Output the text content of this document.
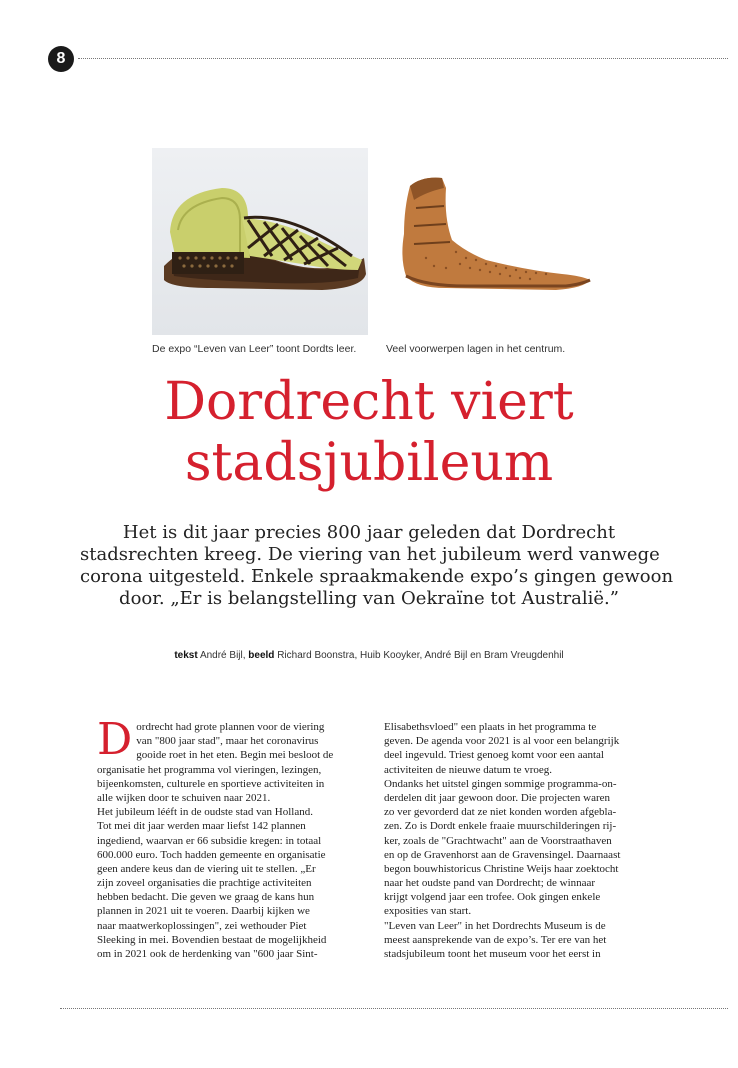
8
De expo “Leven van Leer” toont Dordts leer.	Veel voorwerpen lagen in het centrum.
Dordrecht viert
stadsjubileum
Het is dit jaar precies 800 jaar geleden dat Dordrecht
stadsrechten kreeg. De viering van het jubileum werd vanwege
corona uitgesteld. Enkele spraakmakende expo’s gingen gewoon
door. „Er is belangstelling van Oekraïne tot Australië.”
tekst André Bijl, beeld Richard Boonstra, Huib Kooyker, André Bijl en Bram Vreugdenhil
D ordrecht had grote plannen voor de viering
van "800 jaar stad", maar het coronavirus
gooide roet in het eten. Begin mei besloot de
organisatie het programma vol vieringen, lezingen,
bijeenkomsten, culturele en sportieve activiteiten in
alle wijken door te schuiven naar 2021.
Het jubileum lééft in de oudste stad van Holland.
Tot mei dit jaar werden maar liefst 142 plannen
ingediend, waarvan er 66 subsidie kregen: in totaal
600.000 euro. Toch hadden gemeente en organisatie
geen andere keus dan de viering uit te stellen. „Er
zijn zoveel organisaties die prachtige activiteiten
hebben bedacht. Die geven we graag de kans hun
plannen in 2021 uit te voeren. Daarbij kijken we
naar maatwerkoplossingen", zei wethouder Piet
Sleeking in mei. Bovendien bestaat de mogelijkheid
om in 2021 ook de herdenking van "600 jaar Sint-
Elisabethsvloed" een plaats in het programma te
geven. De agenda voor 2021 is al voor een belangrijk
deel ingevuld. Triest genoeg komt voor een aantal
activiteiten de nieuwe datum te vroeg.
Ondanks het uitstel gingen sommige programma-on-
derdelen dit jaar gewoon door. Die projecten waren
zo ver gevorderd dat ze niet konden worden afgebla-
zen. Zo is Dordt enkele fraaie muurschilderingen rij-
ker, zoals de "Grachtwacht" aan de Voorstraathaven
en op de Gravenhorst aan de Gravensingel. Daarnaast
begon bouwhistoricus Christine Weijs haar zoektocht
naar het oudste pand van Dordrecht; de winnaar
krijgt volgend jaar een trofee. Ook gingen enkele
exposities van start.
"Leven van Leer" in het Dordrechts Museum is de
meest aansprekende van de expo’s. Ter ere van het
stadsjubileum toont het museum voor het eerst in
